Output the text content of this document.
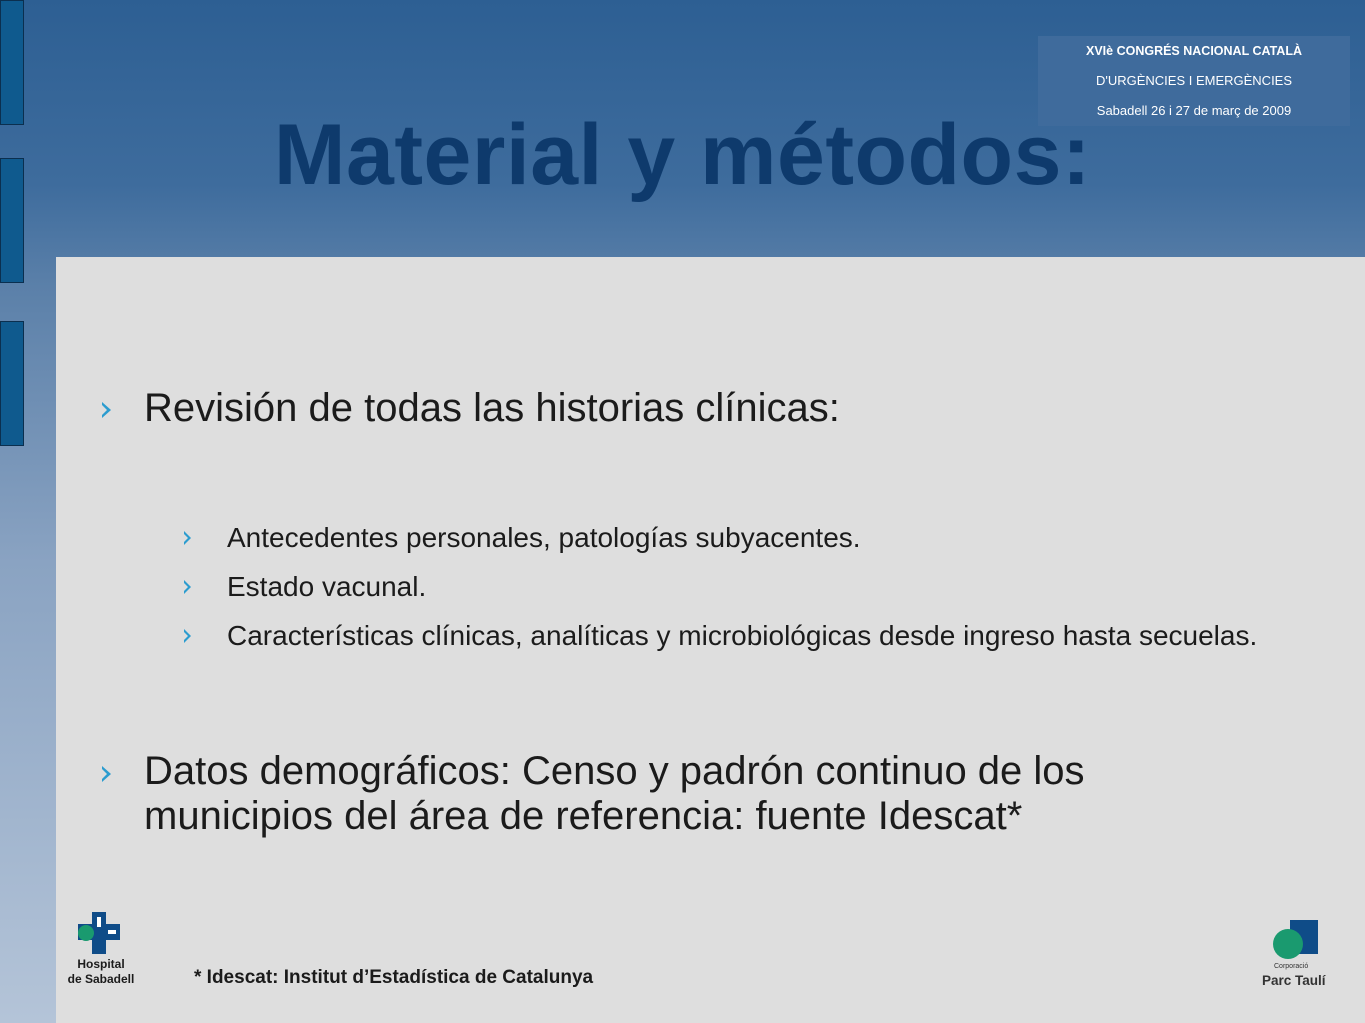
XVIè CONGRÉS NACIONAL CATALÀ
D'URGÈNCIES I EMERGÈNCIES
Sabadell 26 i 27 de març de 2009
Material y métodos:
Revisión de todas las historias clínicas:
Antecedentes personales, patologías subyacentes.
Estado vacunal.
Características clínicas, analíticas y microbiológicas desde ingreso hasta secuelas.
Datos demográficos: Censo y padrón continuo de los municipios del área de referencia: fuente Idescat*
* Idescat: Institut d’Estadística de Catalunya
Hospital
de Sabadell
Corporació
Parc Taulí
